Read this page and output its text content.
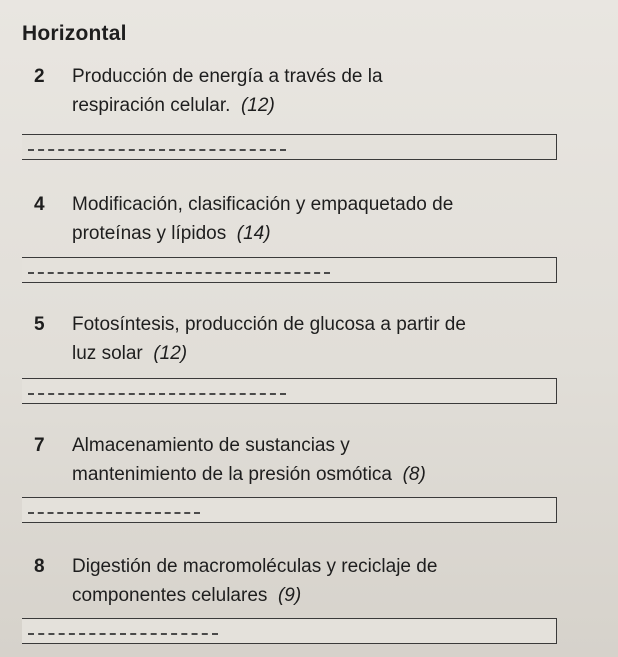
Horizontal
2 Producción de energía a través de la
respiración celular. (12)
4 Modificación, clasificación y empaquetado de
proteínas y lípidos (14)
5 Fotosíntesis, producción de glucosa a partir de
luz solar (12)
7 Almacenamiento de sustancias y
mantenimiento de la presión osmótica (8)
8 Digestión de macromoléculas y reciclaje de
componentes celulares (9)
